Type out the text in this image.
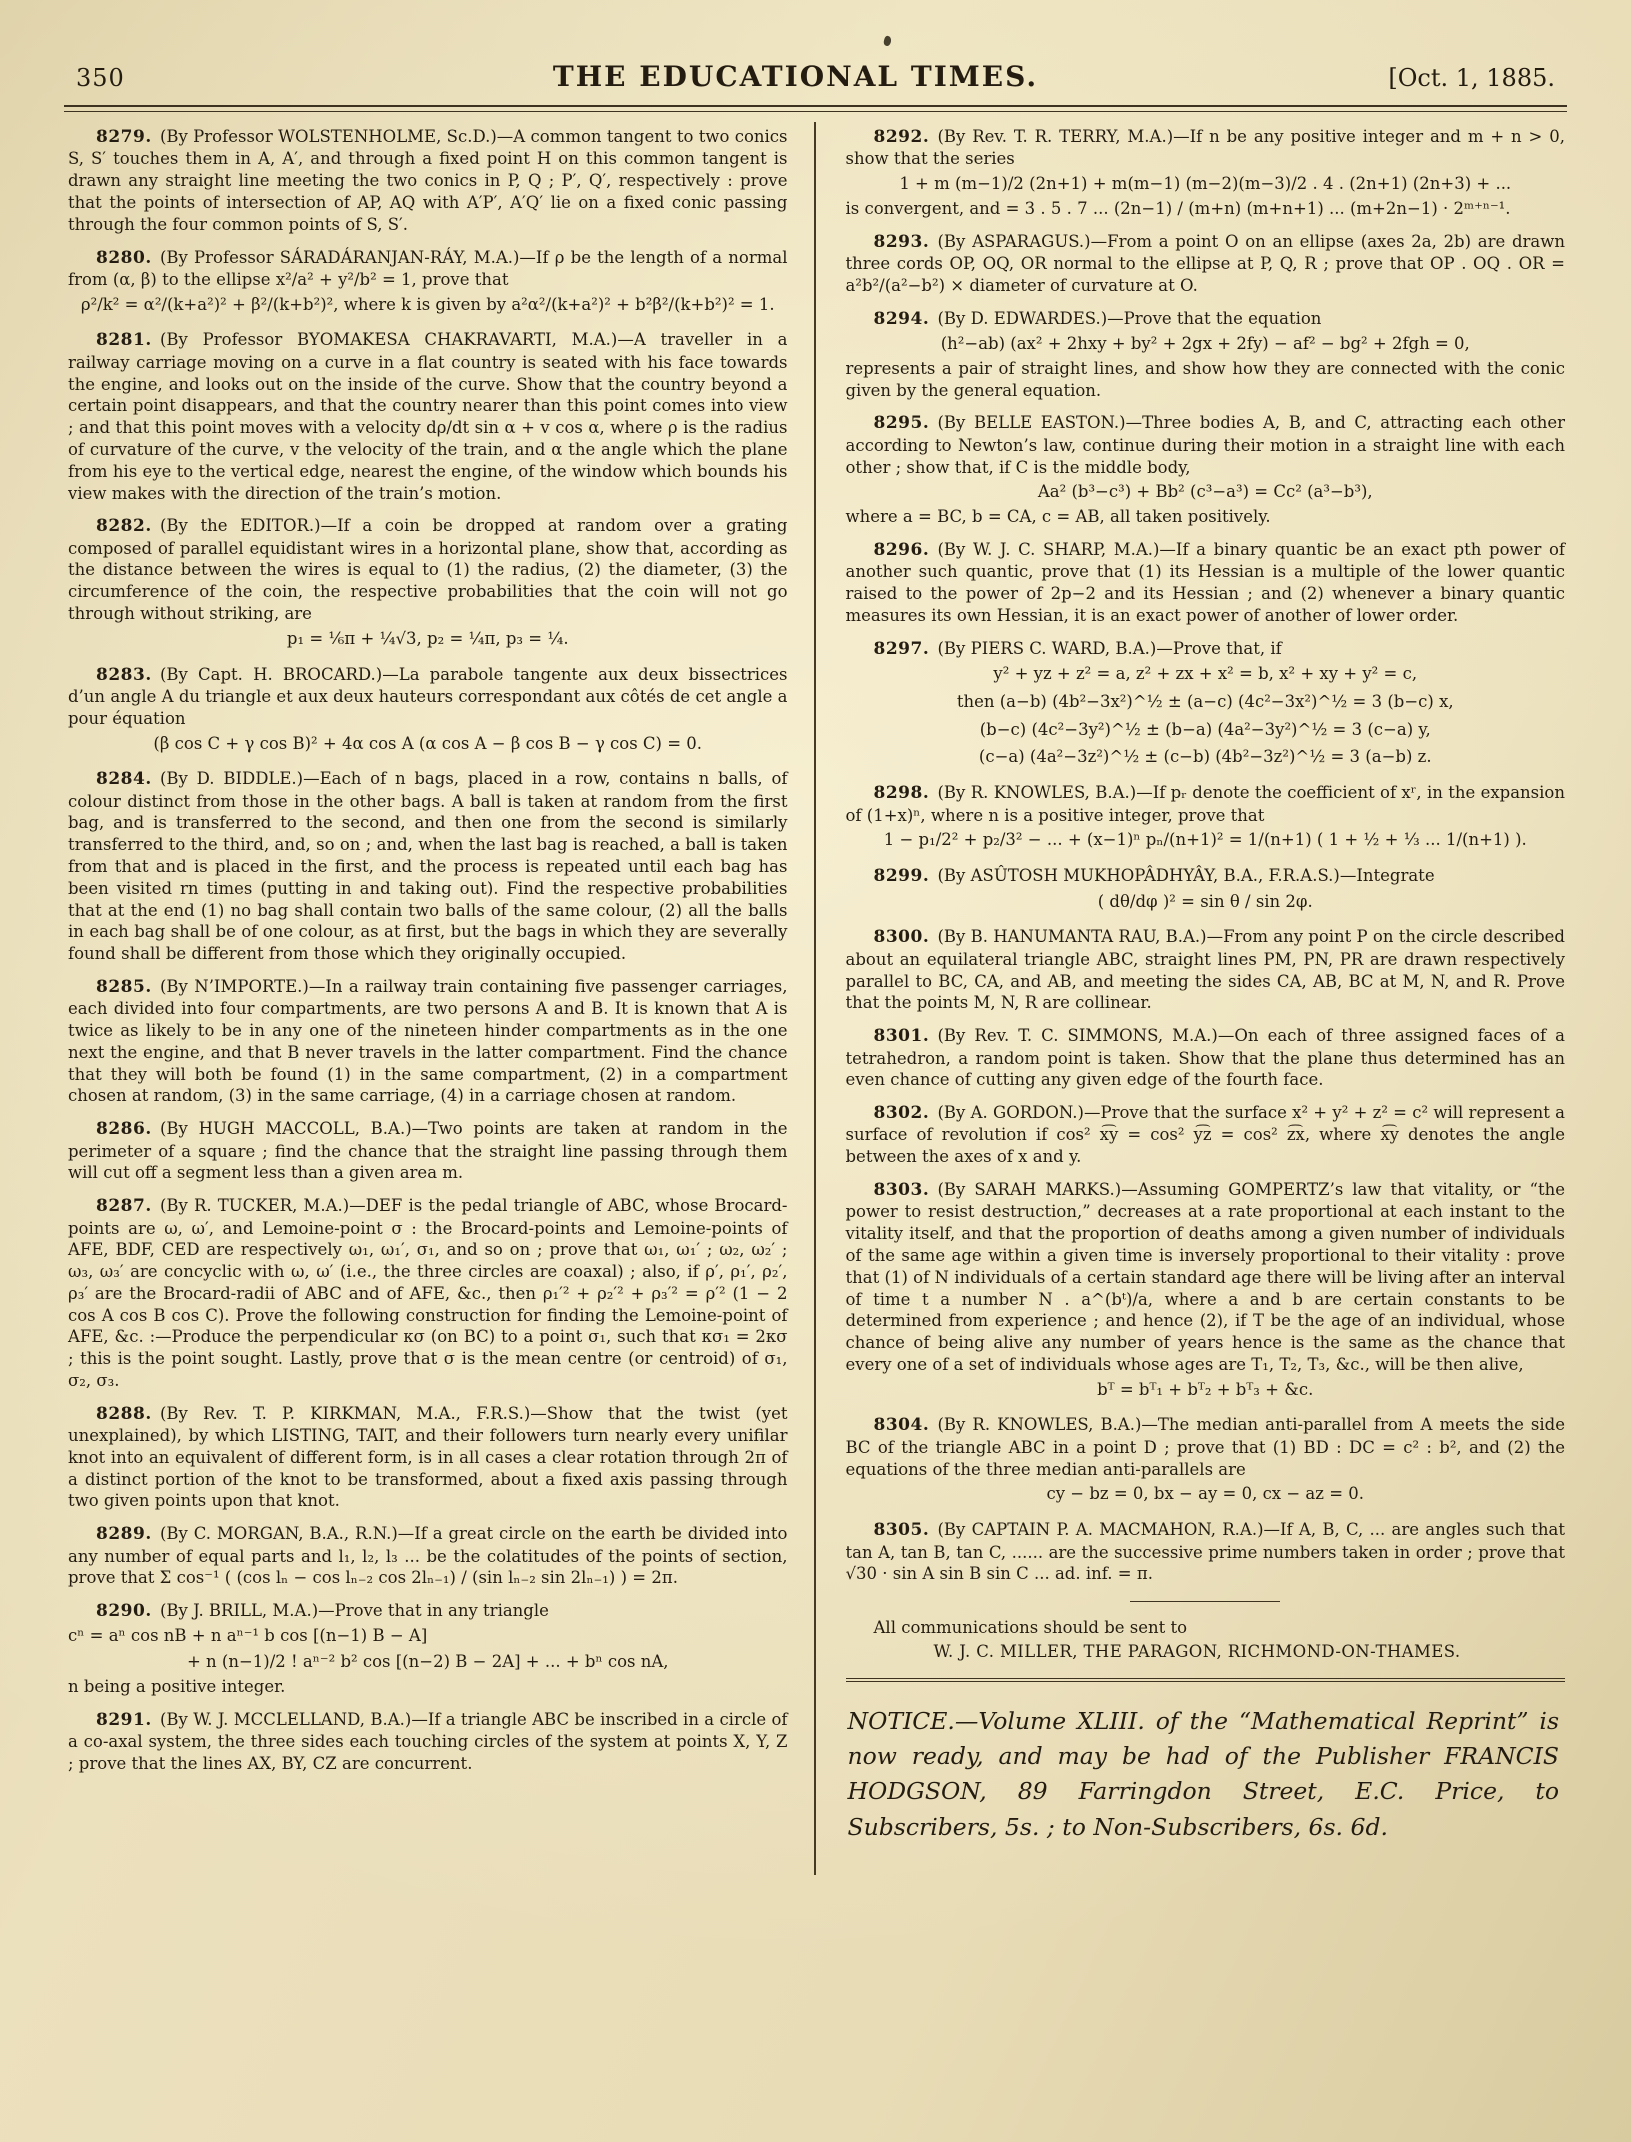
350	THE EDUCATIONAL TIMES.	[Oct. 1, 1885.

8279. (By Professor WOLSTENHOLME, Sc.D.)—A common tangent to two conics S, S′ touches them in A, A′, and through a fixed point H on this common tangent is drawn any straight line meeting the two conics in P, Q ; P′, Q′, respectively : prove that the points of intersection of AP, AQ with A′P′, A′Q′ lie on a fixed conic passing through the four common points of S, S′.

8280. (By Professor SÁRADÁRANJAN-RÁY, M.A.)—If ρ be the length of a normal from (α, β) to the ellipse x²/a² + y²/b² = 1, prove that

ρ²/k² = α²/(k+a²)² + β²/(k+b²)², where k is given by a²α²/(k+a²)² + b²β²/(k+b²)² = 1.

8281. (By Professor BYOMAKESA CHAKRAVARTI, M.A.)—A traveller in a railway carriage moving on a curve in a flat country is seated with his face towards the engine, and looks out on the inside of the curve. Show that the country beyond a certain point disappears, and that the country nearer than this point comes into view ; and that this point moves with a velocity dρ/dt sin α + v cos α, where ρ is the radius of curvature of the curve, v the velocity of the train, and α the angle which the plane from his eye to the vertical edge, nearest the engine, of the window which bounds his view makes with the direction of the train’s motion.

8282. (By the EDITOR.)—If a coin be dropped at random over a grating composed of parallel equidistant wires in a horizontal plane, show that, according as the distance between the wires is equal to (1) the radius, (2) the diameter, (3) the circumference of the coin, the respective probabilities that the coin will not go through without striking, are

p₁ = ⅙π + ¼√3, p₂ = ¼π, p₃ = ¼.

8283. (By Capt. H. BROCARD.)—La parabole tangente aux deux bissectrices d’un angle A du triangle et aux deux hauteurs correspondant aux côtés de cet angle a pour équation

(β cos C + γ cos B)² + 4α cos A (α cos A − β cos B − γ cos C) = 0.

8284. (By D. BIDDLE.)—Each of n bags, placed in a row, contains n balls, of colour distinct from those in the other bags. A ball is taken at random from the first bag, and is transferred to the second, and then one from the second is similarly transferred to the third, and, so on ; and, when the last bag is reached, a ball is taken from that and is placed in the first, and the process is repeated until each bag has been visited rn times (putting in and taking out). Find the respective probabilities that at the end (1) no bag shall contain two balls of the same colour, (2) all the balls in each bag shall be of one colour, as at first, but the bags in which they are severally found shall be different from those which they originally occupied.

8285. (By N’IMPORTE.)—In a railway train containing five passenger carriages, each divided into four compartments, are two persons A and B. It is known that A is twice as likely to be in any one of the nineteen hinder compartments as in the one next the engine, and that B never travels in the latter compartment. Find the chance that they will both be found (1) in the same compartment, (2) in a compartment chosen at random, (3) in the same carriage, (4) in a carriage chosen at random.

8286. (By HUGH MACCOLL, B.A.)—Two points are taken at random in the perimeter of a square ; find the chance that the straight line passing through them will cut off a segment less than a given area m.

8287. (By R. TUCKER, M.A.)—DEF is the pedal triangle of ABC, whose Brocard-points are ω, ω′, and Lemoine-point σ : the Brocard-points and Lemoine-points of AFE, BDF, CED are respectively ω₁, ω₁′, σ₁, and so on ; prove that ω₁, ω₁′ ; ω₂, ω₂′ ; ω₃, ω₃′ are concyclic with ω, ω′ (i.e., the three circles are coaxal) ; also, if ρ′, ρ₁′, ρ₂′, ρ₃′ are the Brocard-radii of ABC and of AFE, &c., then ρ₁′² + ρ₂′² + ρ₃′² = ρ′² (1 − 2 cos A cos B cos C). Prove the following construction for finding the Lemoine-point of AFE, &c. :—Produce the perpendicular κσ (on BC) to a point σ₁, such that κσ₁ = 2κσ ; this is the point sought. Lastly, prove that σ is the mean centre (or centroid) of σ₁, σ₂, σ₃.

8288. (By Rev. T. P. KIRKMAN, M.A., F.R.S.)—Show that the twist (yet unexplained), by which LISTING, TAIT, and their followers turn nearly every unifilar knot into an equivalent of different form, is in all cases a clear rotation through 2π of a distinct portion of the knot to be transformed, about a fixed axis passing through two given points upon that knot.

8289. (By C. MORGAN, B.A., R.N.)—If a great circle on the earth be divided into any number of equal parts and l₁, l₂, l₃ ... be the colatitudes of the points of section, prove that Σ cos⁻¹ ( (cos lₙ − cos lₙ₋₂ cos 2lₙ₋₁) / (sin lₙ₋₂ sin 2lₙ₋₁) ) = 2π.

8290. (By J. BRILL, M.A.)—Prove that in any triangle

cⁿ = aⁿ cos nB + n aⁿ⁻¹ b cos [(n−1) B − A]
+ n (n−1)/2 ! aⁿ⁻² b² cos [(n−2) B − 2A] + ... + bⁿ cos nA,

n being a positive integer.

8291. (By W. J. MCCLELLAND, B.A.)—If a triangle ABC be inscribed in a circle of a co-axal system, the three sides each touching circles of the system at points X, Y, Z ; prove that the lines AX, BY, CZ are concurrent.

8292. (By Rev. T. R. TERRY, M.A.)—If n be any positive integer and m + n > 0, show that the series

1 + m (m−1)/2 (2n+1) + m(m−1) (m−2)(m−3)/2 . 4 . (2n+1) (2n+3) + ...

is convergent, and = 3 . 5 . 7 ... (2n−1) / (m+n) (m+n+1) ... (m+2n−1) · 2ᵐ⁺ⁿ⁻¹.

8293. (By ASPARAGUS.)—From a point O on an ellipse (axes 2a, 2b) are drawn three cords OP, OQ, OR normal to the ellipse at P, Q, R ; prove that OP . OQ . OR = a²b²/(a²−b²) × diameter of curvature at O.

8294. (By D. EDWARDES.)—Prove that the equation

(h²−ab) (ax² + 2hxy + by² + 2gx + 2fy) − af² − bg² + 2fgh = 0,

represents a pair of straight lines, and show how they are connected with the conic given by the general equation.

8295. (By BELLE EASTON.)—Three bodies A, B, and C, attracting each other according to Newton’s law, continue during their motion in a straight line with each other ; show that, if C is the middle body,

Aa² (b³−c³) + Bb² (c³−a³) = Cc² (a³−b³),

where a = BC, b = CA, c = AB, all taken positively.

8296. (By W. J. C. SHARP, M.A.)—If a binary quantic be an exact pth power of another such quantic, prove that (1) its Hessian is a multiple of the lower quantic raised to the power of 2p−2 and its Hessian ; and (2) whenever a binary quantic measures its own Hessian, it is an exact power of another of lower order.

8297. (By PIERS C. WARD, B.A.)—Prove that, if

y² + yz + z² = a, z² + zx + x² = b, x² + xy + y² = c,
then (a−b) (4b²−3x²)^½ ± (a−c) (4c²−3x²)^½ = 3 (b−c) x,
(b−c) (4c²−3y²)^½ ± (b−a) (4a²−3y²)^½ = 3 (c−a) y,
(c−a) (4a²−3z²)^½ ± (c−b) (4b²−3z²)^½ = 3 (a−b) z.

8298. (By R. KNOWLES, B.A.)—If pᵣ denote the coefficient of xʳ, in the expansion of (1+x)ⁿ, where n is a positive integer, prove that

1 − p₁/2² + p₂/3² − ... + (x−1)ⁿ pₙ/(n+1)² = 1/(n+1) ( 1 + ½ + ⅓ ... 1/(n+1) ).

8299. (By ASÛTOSH MUKHOPÂDHYÂY, B.A., F.R.A.S.)—Integrate

( dθ/dφ )² = sin θ / sin 2φ.

8300. (By B. HANUMANTA RAU, B.A.)—From any point P on the circle described about an equilateral triangle ABC, straight lines PM, PN, PR are drawn respectively parallel to BC, CA, and AB, and meeting the sides CA, AB, BC at M, N, and R. Prove that the points M, N, R are collinear.

8301. (By Rev. T. C. SIMMONS, M.A.)—On each of three assigned faces of a tetrahedron, a random point is taken. Show that the plane thus determined has an even chance of cutting any given edge of the fourth face.

8302. (By A. GORDON.)—Prove that the surface x² + y² + z² = c² will represent a surface of revolution if cos² x͡y = cos² y͡z = cos² z͡x, where x͡y denotes the angle between the axes of x and y.

8303. (By SARAH MARKS.)—Assuming GOMPERTZ’s law that vitality, or “the power to resist destruction,” decreases at a rate proportional at each instant to the vitality itself, and that the proportion of deaths among a given number of individuals of the same age within a given time is inversely proportional to their vitality : prove that (1) of N individuals of a certain standard age there will be living after an interval of time t a number N . a^(bᵗ)/a, where a and b are certain constants to be determined from experience ; and hence (2), if T be the age of an individual, whose chance of being alive any number of years hence is the same as the chance that every one of a set of individuals whose ages are T₁, T₂, T₃, &c., will be then alive,

bᵀ = bᵀ₁ + bᵀ₂ + bᵀ₃ + &c.

8304. (By R. KNOWLES, B.A.)—The median anti-parallel from A meets the side BC of the triangle ABC in a point D ; prove that (1) BD : DC = c² : b², and (2) the equations of the three median anti-parallels are

cy − bz = 0, bx − ay = 0, cx − az = 0.

8305. (By CAPTAIN P. A. MACMAHON, R.A.)—If A, B, C, ... are angles such that tan A, tan B, tan C, ...... are the successive prime numbers taken in order ; prove that √30 · sin A sin B sin C ... ad. inf. = π.

All communications should be sent to

W. J. C. MILLER, THE PARAGON, RICHMOND-ON-THAMES.

NOTICE.—Volume XLIII. of the “Mathematical Reprint” is now ready, and may be had of the Publisher FRANCIS HODGSON, 89 Farringdon Street, E.C. Price, to Subscribers, 5s. ; to Non-Subscribers, 6s. 6d.
